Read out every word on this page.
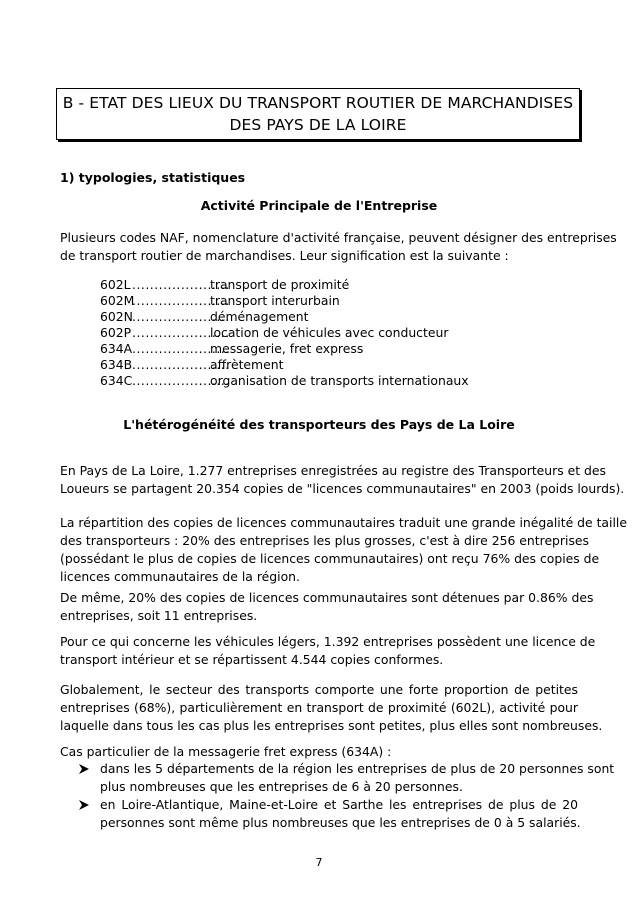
B - ETAT DES LIEUX DU TRANSPORT ROUTIER DE MARCHANDISES
DES PAYS DE LA LOIRE
1) typologies, statistiques
Activité Principale de l'Entreprise
Plusieurs codes NAF, nomenclature d'activité française, peuvent désigner des entreprises
de transport routier de marchandises. Leur signification est la suivante :
602L ......................
transport de proximité
602M
......................
transport interurbain
602N ......................
déménagement
602P ......................
location de véhicules avec conducteur
634A ......................
messagerie, fret express
634B ......................
affrètement
634C ......................
organisation de transports internationaux
L'hétérogénéité des transporteurs des Pays de La Loire
En Pays de La Loire, 1.277 entreprises enregistrées au registre des Transporteurs et des
Loueurs se partagent 20.354 copies de "licences communautaires" en 2003 (poids lourds).
La répartition des copies de licences communautaires traduit une grande inégalité de taille
des transporteurs : 20% des entreprises les plus grosses, c'est à dire 256 entreprises
(possédant le plus de copies de licences communautaires) ont reçu 76% des copies de
licences communautaires de la région.
De même, 20% des copies de licences communautaires sont détenues par 0.86% des
entreprises, soit 11 entreprises.
Pour ce qui concerne les véhicules légers, 1.392 entreprises possèdent une licence de
transport intérieur et se répartissent 4.544 copies conformes.
Globalement, le secteur des transports comporte une forte proportion de petites
entreprises (68%), particulièrement en transport de proximité (602L), activité pour
laquelle dans tous les cas plus les entreprises sont petites, plus elles sont nombreuses.
Cas particulier de la messagerie fret express (634A) :
dans les 5 départements de la région les entreprises de plus de 20 personnes sont
plus nombreuses que les entreprises de 6 à 20 personnes.
en Loire-Atlantique, Maine-et-Loire et Sarthe les entreprises de plus de 20
personnes sont même plus nombreuses que les entreprises de 0 à 5 salariés.
7
